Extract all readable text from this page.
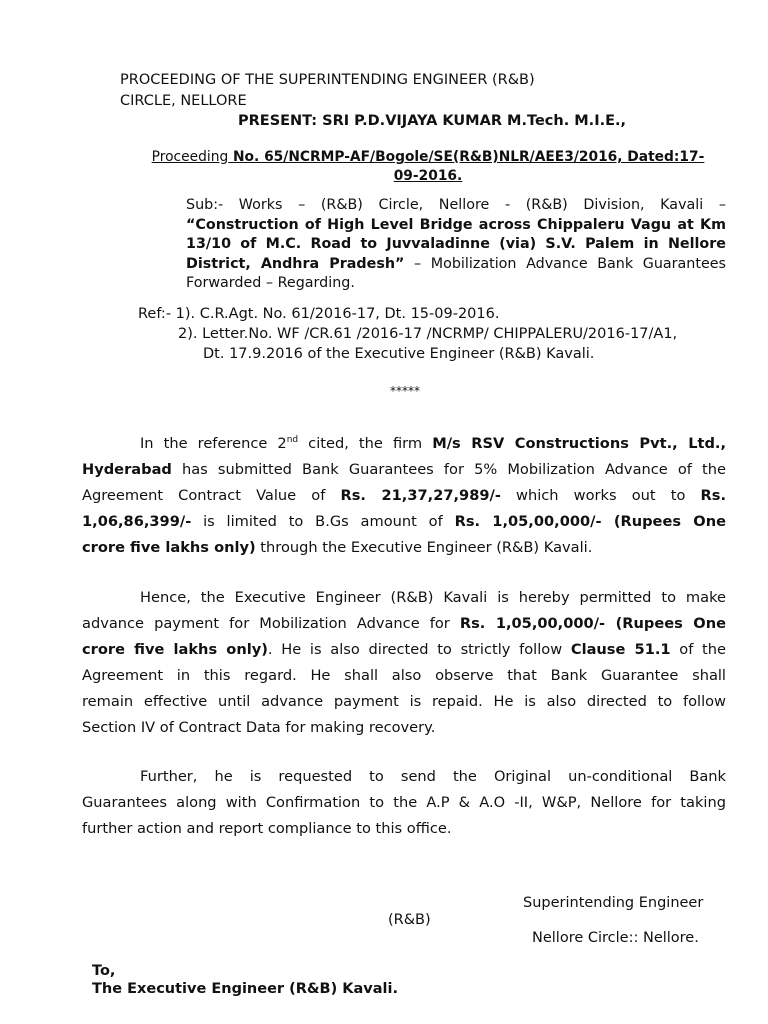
PROCEEDING OF THE SUPERINTENDING ENGINEER (R&B)
CIRCLE, NELLORE
PRESENT: SRI P.D.VIJAYA KUMAR M.Tech. M.I.E.,
Proceeding No. 65/NCRMP-AF/Bogole/SE(R&B)NLR/AEE3/2016, Dated:17-
09-2016.
Sub:- Works – (R&B) Circle, Nellore - (R&B) Division, Kavali – “Construction of High Level Bridge across Chippaleru Vagu at Km 13/10 of M.C. Road to Juvvaladinne (via) S.V. Palem in Nellore District, Andhra Pradesh” – Mobilization Advance Bank Guarantees Forwarded – Regarding.
Ref:- 1). C.R.Agt. No. 61/2016-17, Dt. 15-09-2016.
2). Letter.No. WF /CR.61 /2016-17 /NCRMP/ CHIPPALERU/2016-17/A1,
Dt. 17.9.2016 of the Executive Engineer (R&B) Kavali.
*****
In the reference 2nd cited, the firm M/s RSV Constructions Pvt., Ltd.,
Hyderabad has submitted Bank Guarantees for 5% Mobilization Advance of the
Agreement Contract Value of Rs. 21,37,27,989/- which works out to Rs.
1,06,86,399/- is limited to B.Gs amount of Rs. 1,05,00,000/- (Rupees One
crore five lakhs only) through the Executive Engineer (R&B) Kavali.
Hence, the Executive Engineer (R&B) Kavali is hereby permitted to make
advance payment for Mobilization Advance for Rs. 1,05,00,000/- (Rupees One
crore five lakhs only). He is also directed to strictly follow Clause 51.1 of the
Agreement in this regard. He shall also observe that Bank Guarantee shall
remain effective until advance payment is repaid. He is also directed to follow
Section IV of Contract Data for making recovery.
Further, he is requested to send the Original un-conditional Bank
Guarantees along with Confirmation to the A.P & A.O -II, W&P, Nellore for taking
further action and report compliance to this office.
Superintending Engineer
(R&B)
Nellore Circle:: Nellore.
To,
The Executive Engineer (R&B) Kavali.
